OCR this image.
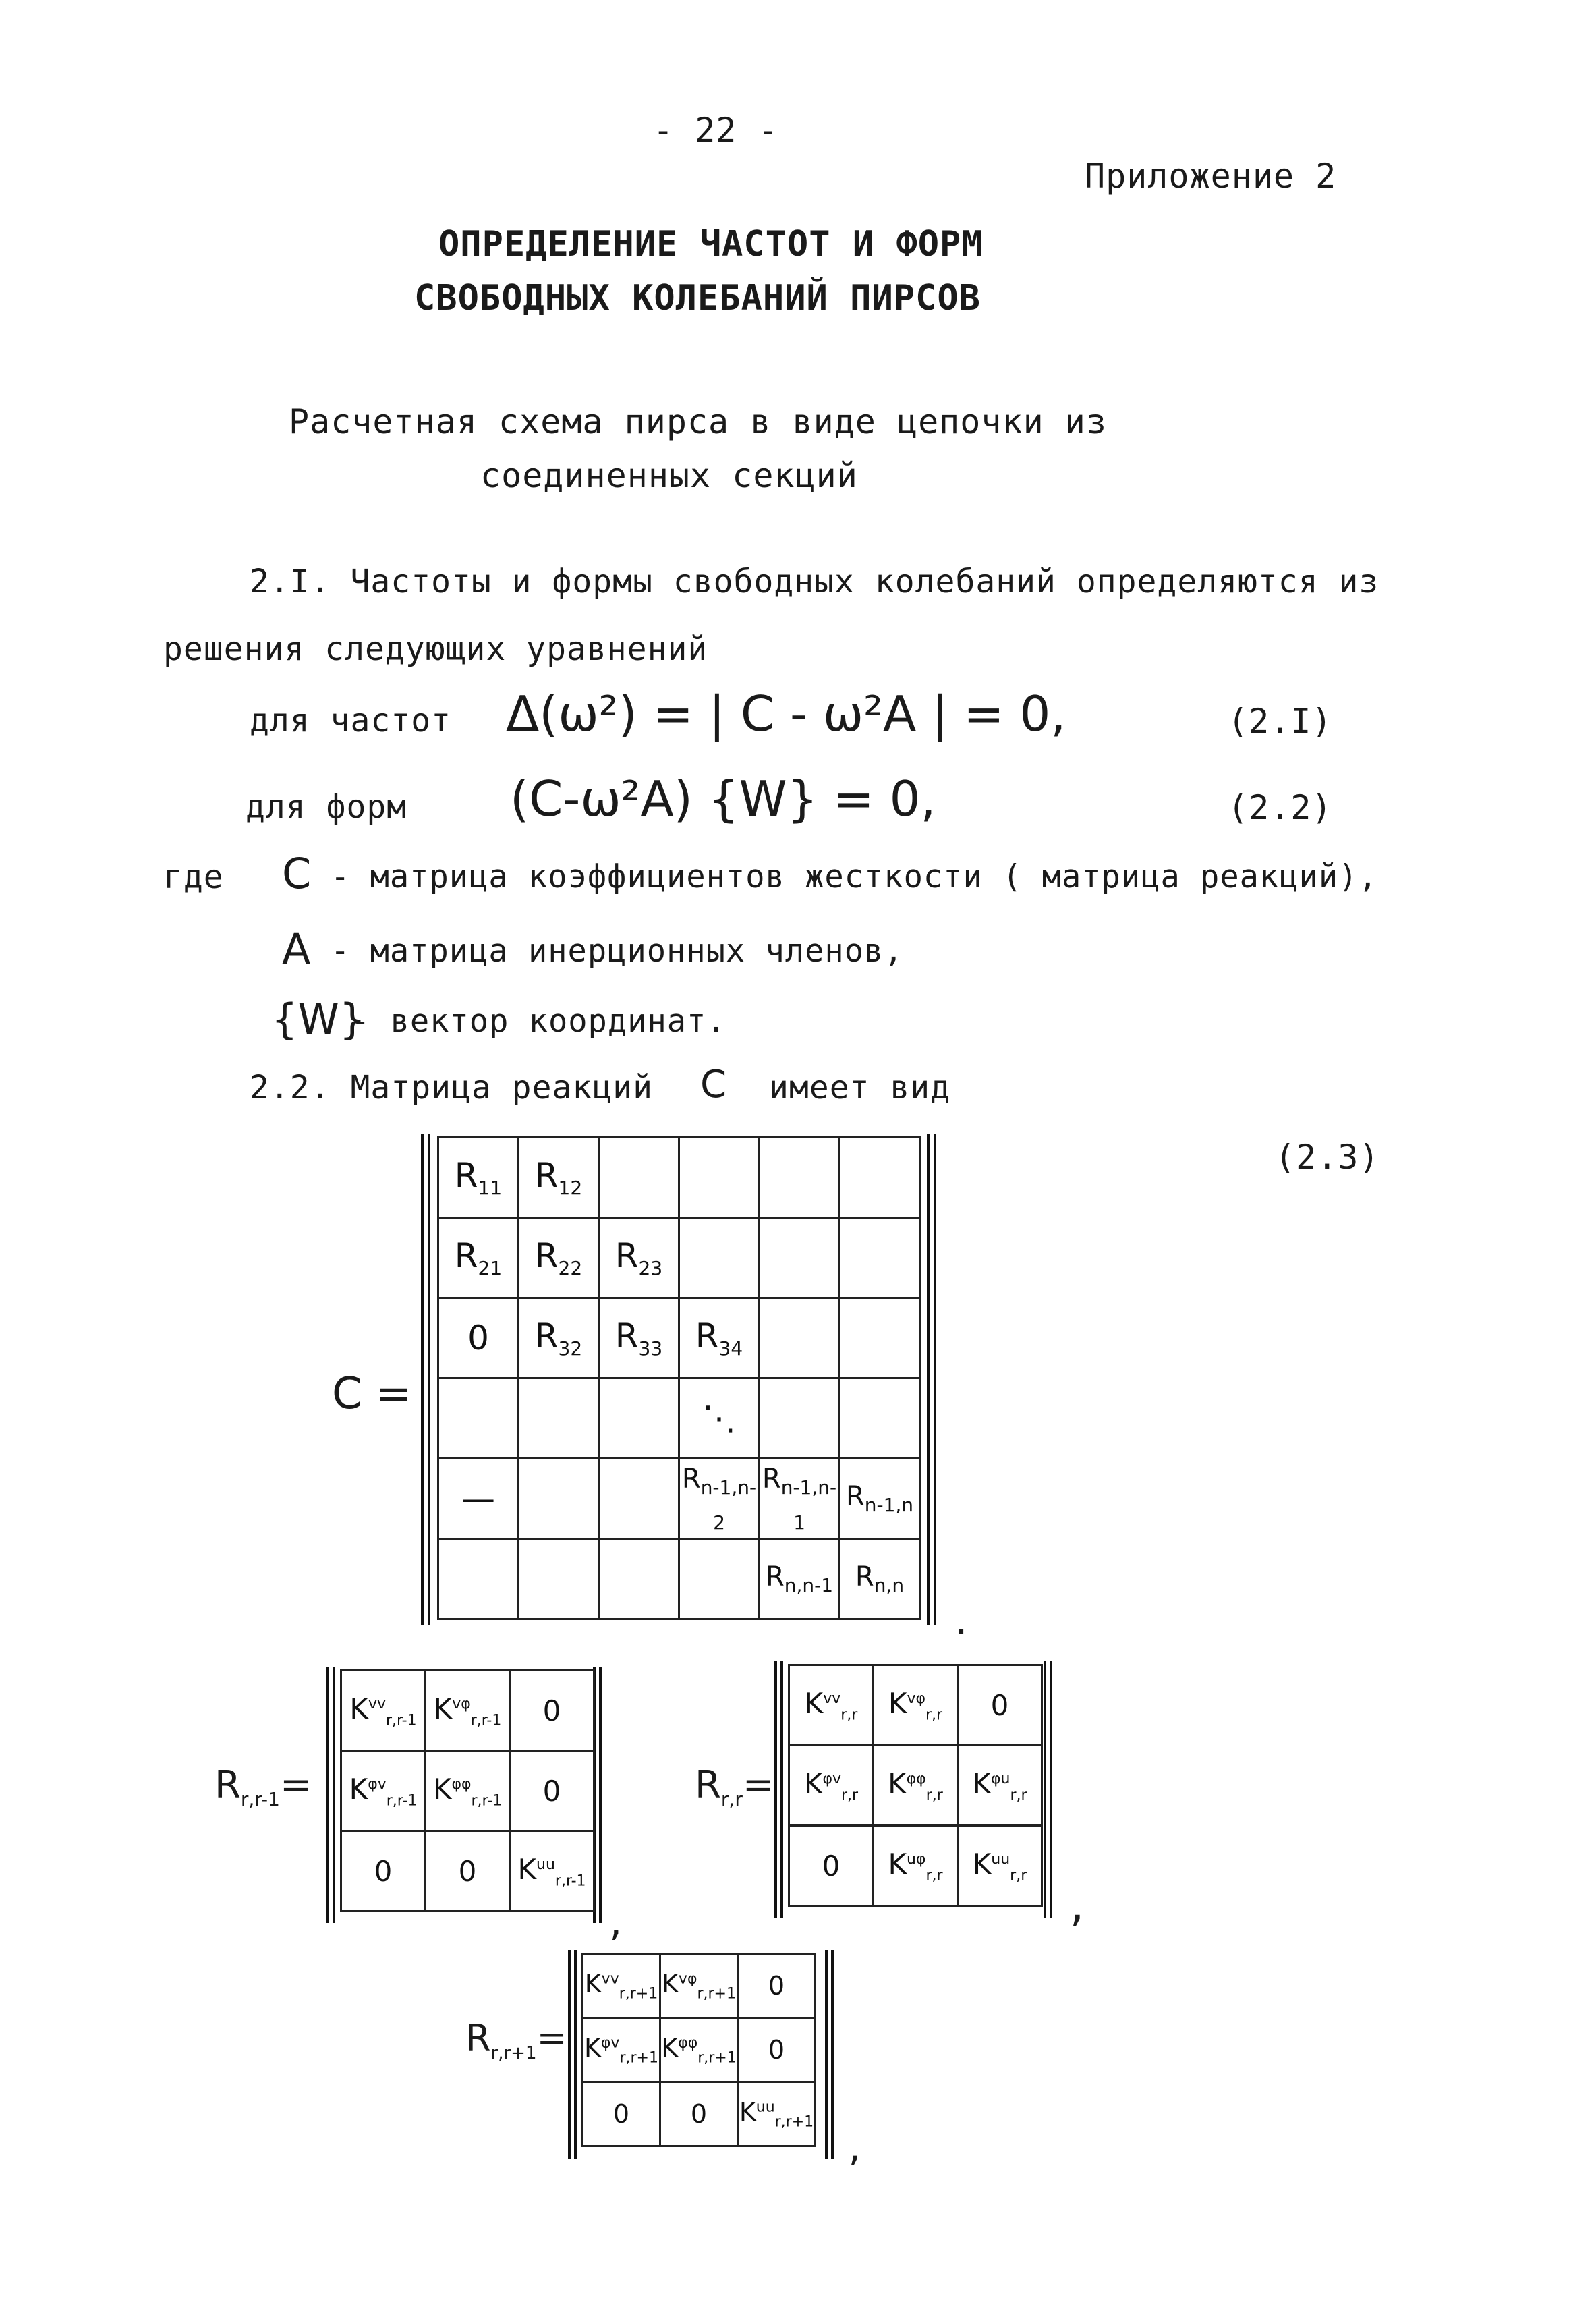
- 22 -
Приложение 2
ОПРЕДЕЛЕНИЕ ЧАСТОТ И ФОРМ
СВОБОДНЫХ КОЛЕБАНИЙ ПИРСОВ
Расчетная схема пирса в виде цепочки из
соединенных секций
2.I. Частоты и формы свободных колебаний определяются из
решения следующих уравнений
для частот Δ(ω²) = | C - ω²A | = 0,	(2.I)
для форм (C-ω²A) {W} = 0,	(2.2)
где C - матрица коэффициентов жесткости ( матрица реакций),
A - матрица инерционных членов,
{W}
- вектор координат.
2.2. Матрица реакций C имеет вид
(2.3)
C =
$R_{11}$	$R_{12}$				
$R_{21}$	$R_{22}$	$R_{23}$			
0	$R_{32}$	$R_{33}$	$R_{34}$		
			⋱		
—			$R_{n-1,n-2}$	$R_{n-1,n-1}$	$R_{n-1,n}$
				$R_{n,n-1}$	$R_{n,n}$
.
$R_{r,r-1}=$
$K^{vv}_{r,r-1}$	$K^{v\varphi}_{r,r-1}$	0
$K^{\varphi v}_{r,r-1}$	$K^{\varphi\varphi}_{r,r-1}$	0
0	0	$K^{uu}_{r,r-1}$
,
$R_{r,r}=$
$K^{vv}_{r,r}$	$K^{v\varphi}_{r,r}$	0
$K^{\varphi v}_{r,r}$	$K^{\varphi\varphi}_{r,r}$	$K^{\varphi u}_{r,r}$
0	$K^{u\varphi}_{r,r}$	$K^{uu}_{r,r}$
,
$R_{r,r+1}=$
$K^{vv}_{r,r+1}$	$K^{v\varphi}_{r,r+1}$	0
$K^{\varphi v}_{r,r+1}$	$K^{\varphi\varphi}_{r,r+1}$	0
0	0	$K^{uu}_{r,r+1}$
,
